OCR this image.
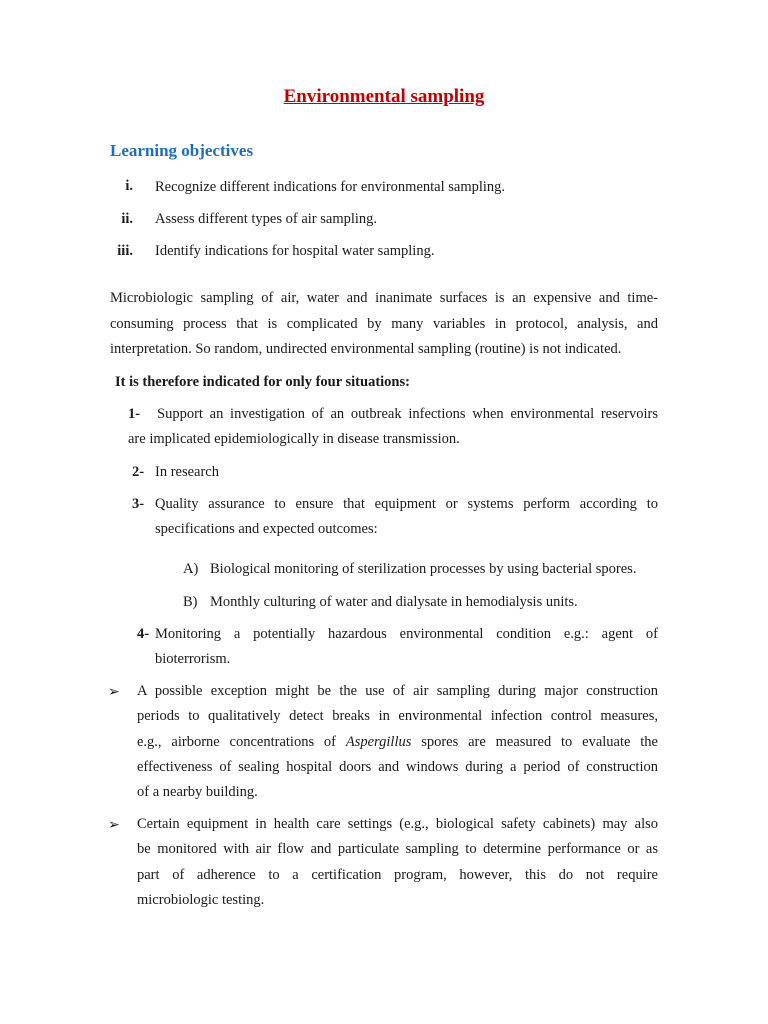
Environmental sampling
Learning objectives
i. Recognize different indications for environmental sampling.
ii. Assess different types of air sampling.
iii. Identify indications for hospital water sampling.
Microbiologic sampling of air, water and inanimate surfaces is an expensive and time-
consuming process that is complicated by many variables in protocol, analysis, and
interpretation. So random, undirected environmental sampling (routine) is not indicated.
It is therefore indicated for only four situations:
1- Support an investigation of an outbreak infections when environmental reservoirs
are implicated epidemiologically in disease transmission.
2- In research
3- Quality assurance to ensure that equipment or systems perform according to
specifications and expected outcomes:
A) Biological monitoring of sterilization processes by using bacterial spores.
B) Monthly culturing of water and dialysate in hemodialysis units.
4- Monitoring a potentially hazardous environmental condition e.g.: agent of
bioterrorism.
➢ A possible exception might be the use of air sampling during major construction
periods to qualitatively detect breaks in environmental infection control measures,
e.g., airborne concentrations of Aspergillus spores are measured to evaluate the
effectiveness of sealing hospital doors and windows during a period of construction
of a nearby building.
➢ Certain equipment in health care settings (e.g., biological safety cabinets) may also
be monitored with air flow and particulate sampling to determine performance or as
part of adherence to a certification program, however, this do not require
microbiologic testing.
